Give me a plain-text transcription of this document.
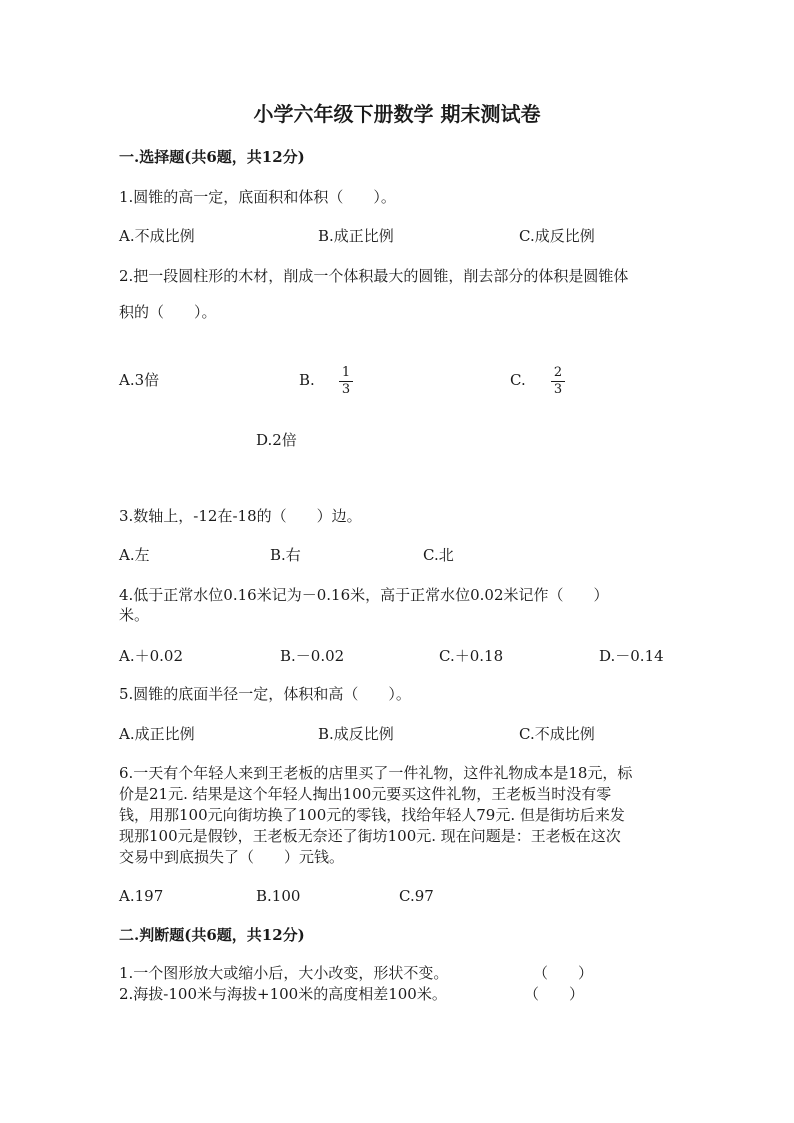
小学六年级下册数学 期末测试卷
一.选择题(共6题，共12分)
1.圆锥的高一定，底面积和体积（　　）。
A.不成比例	B.成正比例	C.成反比例
2.把一段圆柱形的木材，削成一个体积最大的圆锥，削去部分的体积是圆锥体
积的（　　）。
A.3倍	B. 1
3
C. 2
3
D.2倍
3.数轴上，-12在-18的（　　）边。
A.左	B.右	C.北
4.低于正常水位0.16米记为－0.16米，高于正常水位0.02米记作（　　）
米。
A.＋0.02	B.－0.02	C.＋0.18	D.－0.14
5.圆锥的底面半径一定，体积和高（　　）。
A.成正比例	B.成反比例	C.不成比例
6.一天有个年轻人来到王老板的店里买了一件礼物，这件礼物成本是18元，标
价是21元. 结果是这个年轻人掏出100元要买这件礼物，王老板当时没有零
钱，用那100元向街坊换了100元的零钱，找给年轻人79元. 但是街坊后来发
现那100元是假钞，王老板无奈还了街坊100元. 现在问题是：王老板在这次
交易中到底损失了（　　）元钱。
A.197	B.100	C.97
二.判断题(共6题，共12分)
1.一个图形放大或缩小后，大小改变，形状不变。	（　　）
2.海拔-100米与海拔+100米的高度相差100米。	（　　）
